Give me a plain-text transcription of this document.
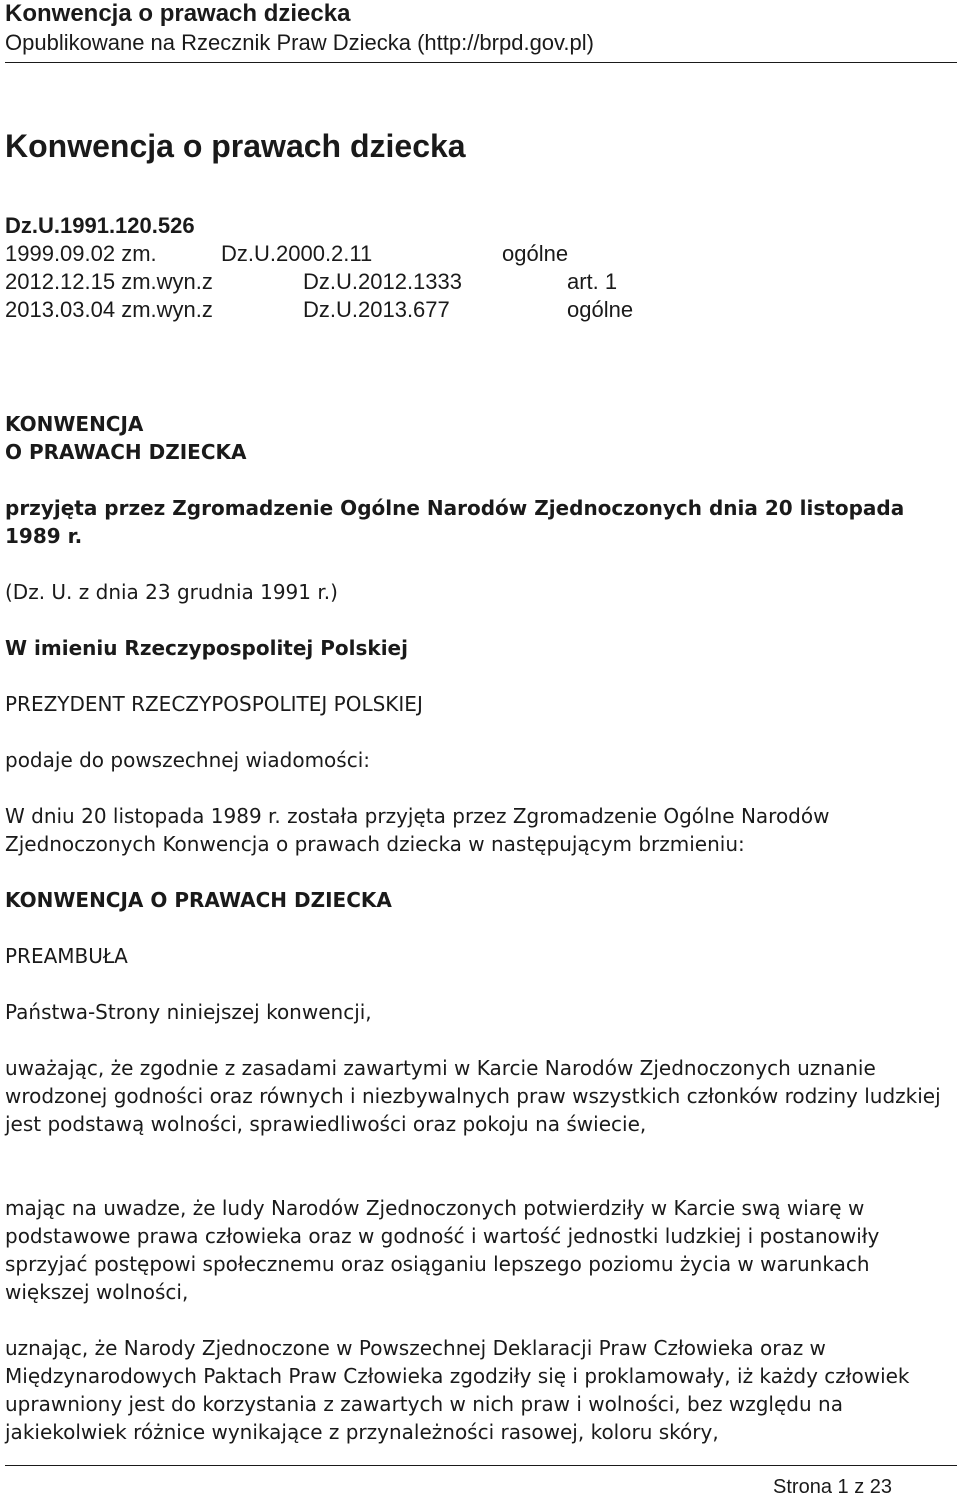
Konwencja o prawach dziecka
Opublikowane na Rzecznik Praw Dziecka (http://brpd.gov.pl)
Konwencja o prawach dziecka
Dz.U.1991.120.526
1999.09.02 zm.	Dz.U.2000.2.11	ogólne
2012.12.15 zm.wyn.z	Dz.U.2012.1333	art. 1
2013.03.04 zm.wyn.z	Dz.U.2013.677	ogólne
KONWENCJA
O PRAWACH DZIECKA

przyjęta przez Zgromadzenie Ogólne Narodów Zjednoczonych dnia 20 listopada 1989 r.

(Dz. U. z dnia 23 grudnia 1991 r.)
W imieniu Rzeczypospolitej Polskiej
PREZYDENT RZECZYPOSPOLITEJ POLSKIEJ
podaje do powszechnej wiadomości:

W dniu 20 listopada 1989 r. została przyjęta przez Zgromadzenie Ogólne Narodów Zjednoczonych Konwencja o prawach dziecka w następującym brzmieniu:

KONWENCJA O PRAWACH DZIECKA
PREAMBUŁA
Państwa-Strony niniejszej konwencji,

uważając, że zgodnie z zasadami zawartymi w Karcie Narodów Zjednoczonych uznanie wrodzonej godności oraz równych i niezbywalnych praw wszystkich członków rodziny ludzkiej jest podstawą wolności, sprawiedliwości oraz pokoju na świecie,

mając na uwadze, że ludy Narodów Zjednoczonych potwierdziły w Karcie swą wiarę w podstawowe prawa człowieka oraz w godność i wartość jednostki ludzkiej i postanowiły sprzyjać postępowi społecznemu oraz osiąganiu lepszego poziomu życia w warunkach większej wolności,

uznając, że Narody Zjednoczone w Powszechnej Deklaracji Praw Człowieka oraz w Międzynarodowych Paktach Praw Człowieka zgodziły się i proklamowały, iż każdy człowiek uprawniony jest do korzystania z zawartych w nich praw i wolności, bez względu na jakiekolwiek różnice wynikające z przynależności rasowej, koloru skóry,

Strona 1 z 23
